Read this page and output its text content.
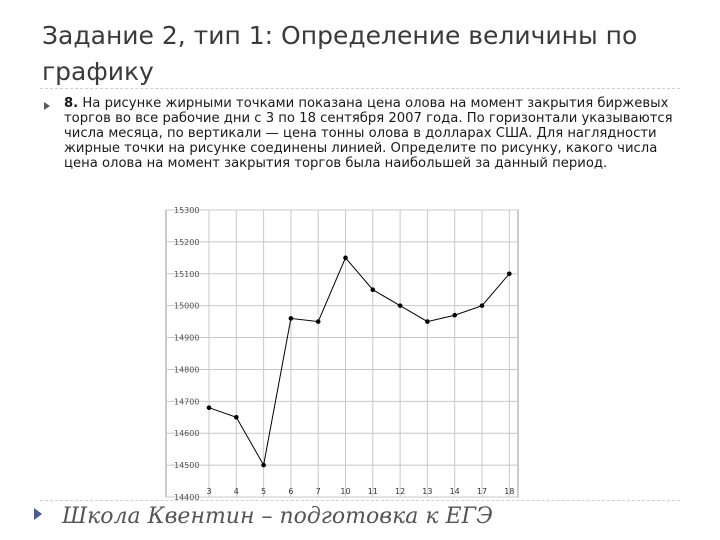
Задание 2, тип 1: Определение величины по графику
8. На рисунке жирными точками показана цена олова на момент закрытия биржевых торгов во все рабочие дни с 3 по 18 сентября 2007 года. По горизонтали указываются числа месяца, по вертикали — цена тонны олова в долларах США. Для наглядности жирные точки на рисунке соединены линией. Определите по рисунку, какого числа цена олова на момент закрытия торгов была наибольшей за данный период.
14400
14500
14600
14700
14800
14900
15000
15100
15200
15300
3	4	5	6	7 10 11 12 13 14 17 18
Школа Квентин – подготовка к ЕГЭ
